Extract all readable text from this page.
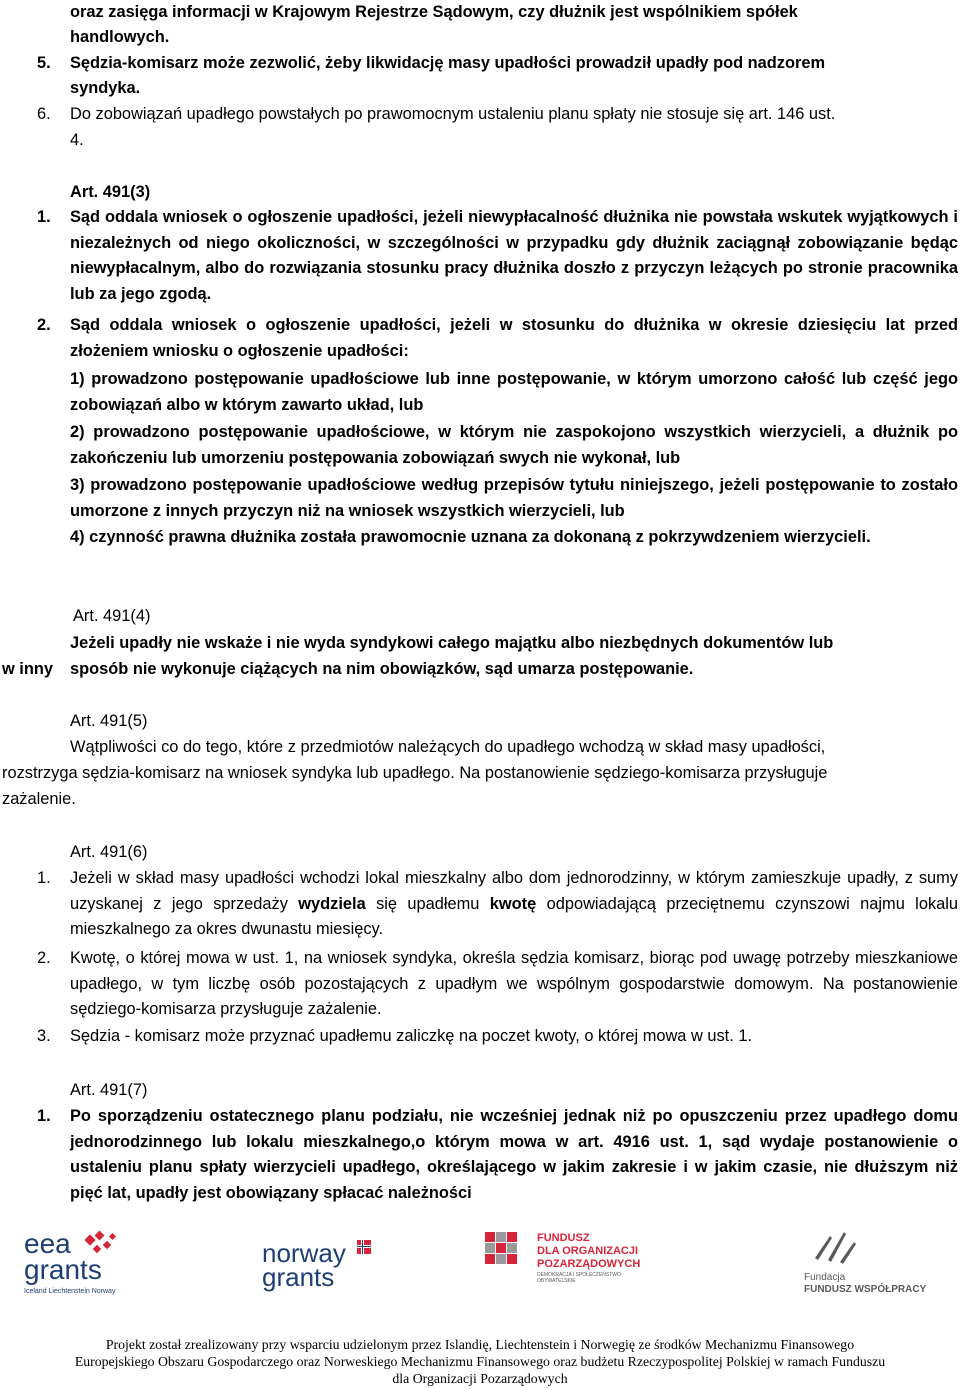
oraz zasięga informacji w Krajowym Rejestrze Sądowym, czy dłużnik jest wspólnikiem spółek
handlowych.
5.	Sędzia-komisarz może zezwolić, żeby likwidację masy upadłości prowadził upadły pod nadzorem
syndyka.
6.	Do zobowiązań upadłego powstałych po prawomocnym ustaleniu planu spłaty nie stosuje się art. 146 ust.
4.
Art. 491(3)
1.	Sąd oddala wniosek o ogłoszenie upadłości, jeżeli niewypłacalność dłużnika nie powstała wskutek wyjątkowych i niezależnych od niego okoliczności, w szczególności w przypadku gdy dłużnik zaciągnął zobowiązanie będąc niewypłacalnym, albo do rozwiązania stosunku pracy dłużnika doszło z przyczyn leżących po stronie pracownika lub za jego zgodą.
2.	Sąd oddala wniosek o ogłoszenie upadłości, jeżeli w stosunku do dłużnika w okresie dziesięciu lat przed złożeniem wniosku o ogłoszenie upadłości:
1) prowadzono postępowanie upadłościowe lub inne postępowanie, w którym umorzono całość lub część jego zobowiązań albo w którym zawarto układ, lub
2) prowadzono postępowanie upadłościowe, w którym nie zaspokojono wszystkich wierzycieli, a dłużnik po zakończeniu lub umorzeniu postępowania zobowiązań swych nie wykonał, lub
3) prowadzono postępowanie upadłościowe według przepisów tytułu niniejszego, jeżeli postępowanie to zostało umorzone z innych przyczyn niż na wniosek wszystkich wierzycieli, lub
4) czynność prawna dłużnika została prawomocnie uznana za dokonaną z pokrzywdzeniem wierzycieli.
Art. 491(4)
Jeżeli upadły nie wskaże i nie wyda syndykowi całego majątku albo niezbędnych dokumentów lub
w inny	sposób nie wykonuje ciążących na nim obowiązków, sąd umarza postępowanie.
Art. 491(5)
Wątpliwości co do tego, które z przedmiotów należących do upadłego wchodzą w skład masy upadłości,
rozstrzyga sędzia-komisarz na wniosek syndyka lub upadłego. Na postanowienie sędziego-komisarza przysługuje
zażalenie.
Art. 491(6)
1.	Jeżeli w skład masy upadłości wchodzi lokal mieszkalny albo dom jednorodzinny, w którym zamieszkuje upadły, z sumy uzyskanej z jego sprzedaży wydziela się upadłemu kwotę odpowiadającą przeciętnemu czynszowi najmu lokalu mieszkalnego za okres dwunastu miesięcy.
2.	Kwotę, o której mowa w ust. 1, na wniosek syndyka, określa sędzia komisarz, biorąc pod uwagę potrzeby mieszkaniowe upadłego, w tym liczbę osób pozostających z upadłym we wspólnym gospodarstwie domowym. Na postanowienie sędziego-komisarza przysługuje zażalenie.
3.	Sędzia - komisarz może przyznać upadłemu zaliczkę na poczet kwoty, o której mowa w ust. 1.
Art. 491(7)
1.	Po sporządzeniu ostatecznego planu podziału, nie wcześniej jednak niż po opuszczeniu przez upadłego domu jednorodzinnego lub lokalu mieszkalnego,o którym mowa w art. 4916 ust. 1, sąd wydaje postanowienie o ustaleniu planu spłaty wierzycieli upadłego, określającego w jakim zakresie i w jakim czasie, nie dłuższym niż pięć lat, upadły jest obowiązany spłacać należności
eea
grants
Iceland Liechtenstein Norway
norway
grants
FUNDUSZ
DLA ORGANIZACJI
POZARZĄDOWYCH
DEMOKRACJA I SPOŁECZEŃSTWO OBYWATELSKIE	Fundacja
FUNDUSZ WSPÓŁPRACY
Projekt został zrealizowany przy wsparciu udzielonym przez Islandię, Liechtenstein i Norwegię ze środków Mechanizmu Finansowego
Europejskiego Obszaru Gospodarczego oraz Norweskiego Mechanizmu Finansowego oraz budżetu Rzeczypospolitej Polskiej w ramach Funduszu
dla Organizacji Pozarządowych
